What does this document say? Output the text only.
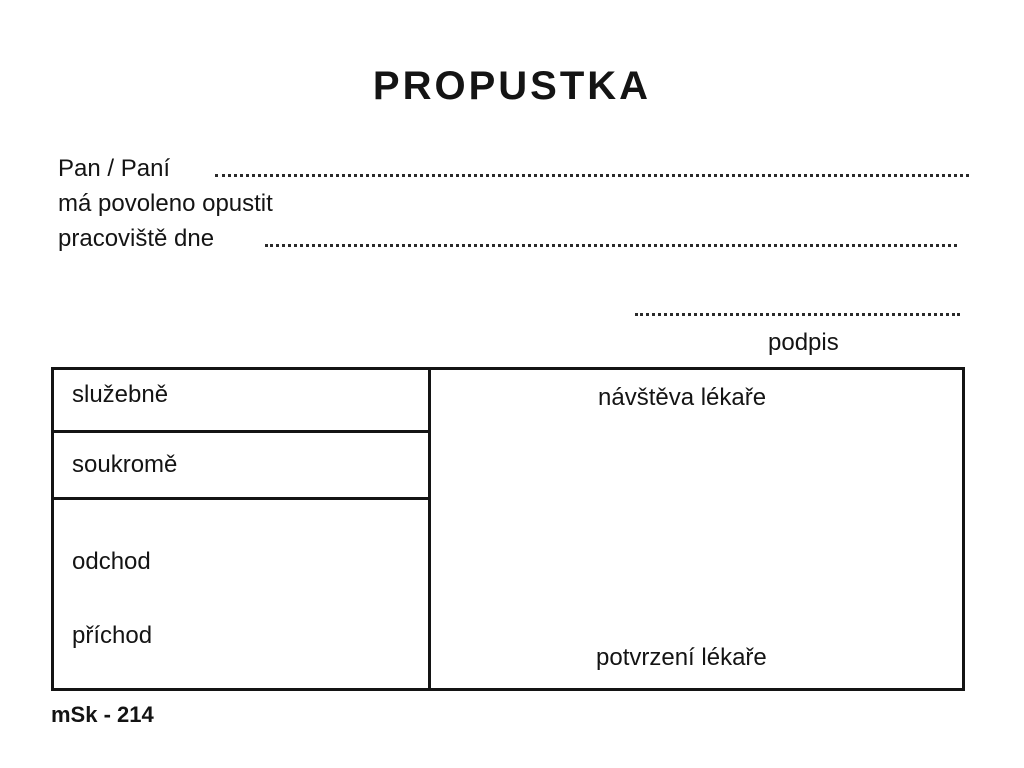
PROPUSTKA
Pan / Paní
má povoleno opustit
pracoviště dne
podpis
služebně
soukromě
odchod
příchod
návštěva lékaře
potvrzení lékaře
mSk - 214
